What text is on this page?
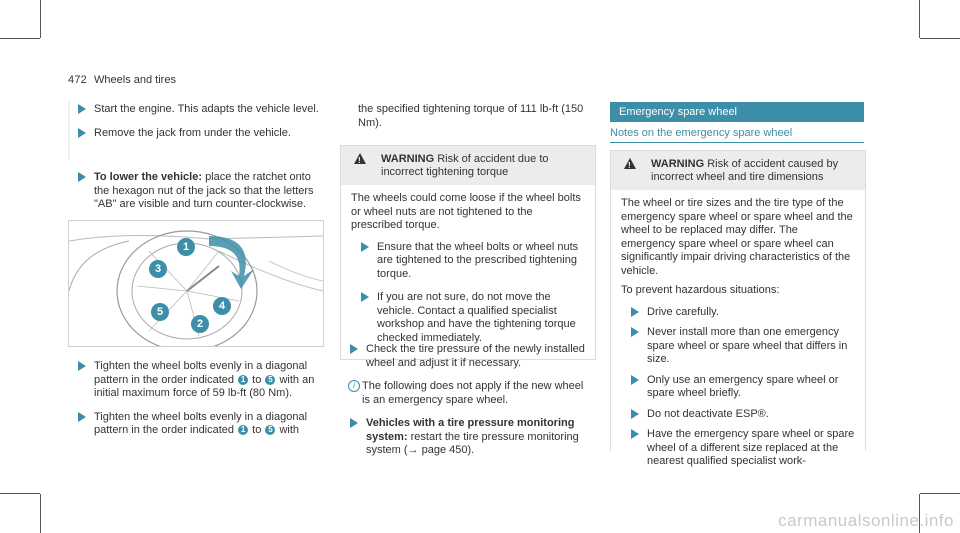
472 Wheels and tires
Start the engine. This adapts the vehicle level.
Remove the jack from under the vehicle.
To lower the vehicle: place the ratchet onto the hexagon nut of the jack so that the letters "AB" are visible and turn counter-clockwise.
1
2
3
4
5
Tighten the wheel bolts evenly in a diagonal pattern in the order indicated 1 to 5 with an initial maximum force of 59 lb-ft (80 Nm).
Tighten the wheel bolts evenly in a diagonal pattern in the order indicated 1 to 5 with
the specified tightening torque of 111 lb-ft (150 Nm).
!
WARNING Risk of accident due to incorrect tightening torque
The wheels could come loose if the wheel bolts or wheel nuts are not tightened to the prescribed torque.
Ensure that the wheel bolts or wheel nuts are tightened to the prescribed tightening torque.
If you are not sure, do not move the vehicle. Contact a qualified specialist workshop and have the tightening torque checked immediately.
Check the tire pressure of the newly installed wheel and adjust it if necessary.
i The following does not apply if the new wheel is an emergency spare wheel.
Vehicles with a tire pressure monitoring system: restart the tire pressure monitoring system (→ page 450).
Emergency spare wheel
Notes on the emergency spare wheel
!
WARNING Risk of accident caused by incorrect wheel and tire dimensions
The wheel or tire sizes and the tire type of the emergency spare wheel or spare wheel and the wheel to be replaced may differ. The emergency spare wheel or spare wheel can significantly impair driving characteristics of the vehicle.
To prevent hazardous situations:
Drive carefully.
Never install more than one emergency spare wheel or spare wheel that differs in size.
Only use an emergency spare wheel or spare wheel briefly.
Do not deactivate ESP®.
Have the emergency spare wheel or spare wheel of a different size replaced at the nearest qualified specialist work-
carmanualsonline.info
